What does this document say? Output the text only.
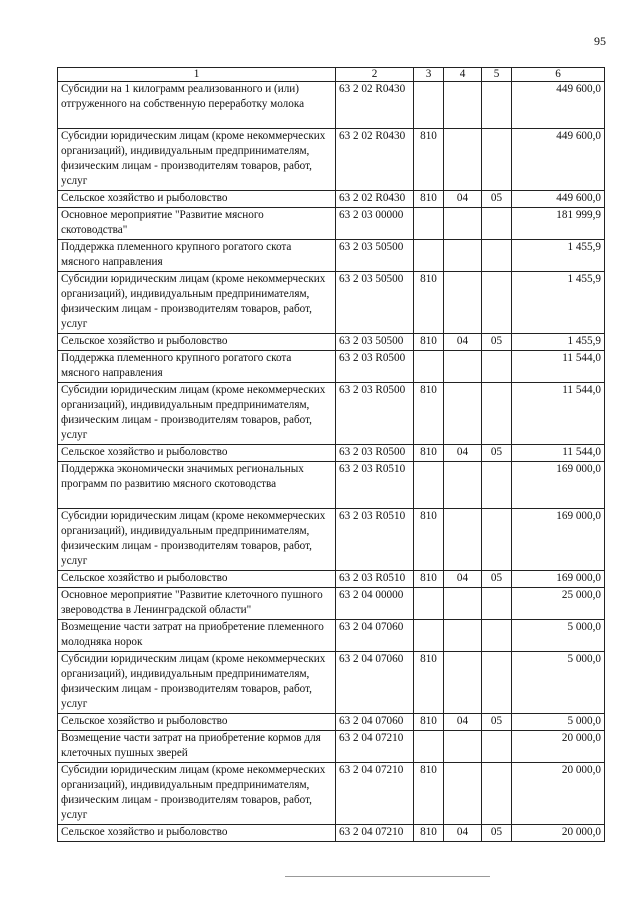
95
1	2	3	4	5	6
Субсидии на 1 килограмм реализованного и (или) отгруженного на собственную переработку молока	63 2 02 R0430				449 600,0
Субсидии юридическим лицам (кроме некоммерческих организаций), индивидуальным предпринимателям, физическим лицам - производителям товаров, работ, услуг	63 2 02 R0430	810			449 600,0
Сельское хозяйство и рыболовство	63 2 02 R0430	810	04	05	449 600,0
Основное мероприятие "Развитие мясного скотоводства"	63 2 03 00000				181 999,9
Поддержка племенного крупного рогатого скота мясного направления	63 2 03 50500				1 455,9
Субсидии юридическим лицам (кроме некоммерческих организаций), индивидуальным предпринимателям, физическим лицам - производителям товаров, работ, услуг	63 2 03 50500	810			1 455,9
Сельское хозяйство и рыболовство	63 2 03 50500	810	04	05	1 455,9
Поддержка племенного крупного рогатого скота мясного направления	63 2 03 R0500				11 544,0
Субсидии юридическим лицам (кроме некоммерческих организаций), индивидуальным предпринимателям, физическим лицам - производителям товаров, работ, услуг	63 2 03 R0500	810			11 544,0
Сельское хозяйство и рыболовство	63 2 03 R0500	810	04	05	11 544,0
Поддержка экономически значимых региональных программ по развитию мясного скотоводства	63 2 03 R0510				169 000,0
Субсидии юридическим лицам (кроме некоммерческих организаций), индивидуальным предпринимателям, физическим лицам - производителям товаров, работ, услуг	63 2 03 R0510	810			169 000,0
Сельское хозяйство и рыболовство	63 2 03 R0510	810	04	05	169 000,0
Основное мероприятие "Развитие клеточного пушного звероводства в Ленинградской области"	63 2 04 00000				25 000,0
Возмещение части затрат на приобретение племенного молодняка норок	63 2 04 07060				5 000,0
Субсидии юридическим лицам (кроме некоммерческих организаций), индивидуальным предпринимателям, физическим лицам - производителям товаров, работ, услуг	63 2 04 07060	810			5 000,0
Сельское хозяйство и рыболовство	63 2 04 07060	810	04	05	5 000,0
Возмещение части затрат на приобретение кормов для клеточных пушных зверей	63 2 04 07210				20 000,0
Субсидии юридическим лицам (кроме некоммерческих организаций), индивидуальным предпринимателям, физическим лицам - производителям товаров, работ, услуг	63 2 04 07210	810			20 000,0
Сельское хозяйство и рыболовство	63 2 04 07210	810	04	05	20 000,0
